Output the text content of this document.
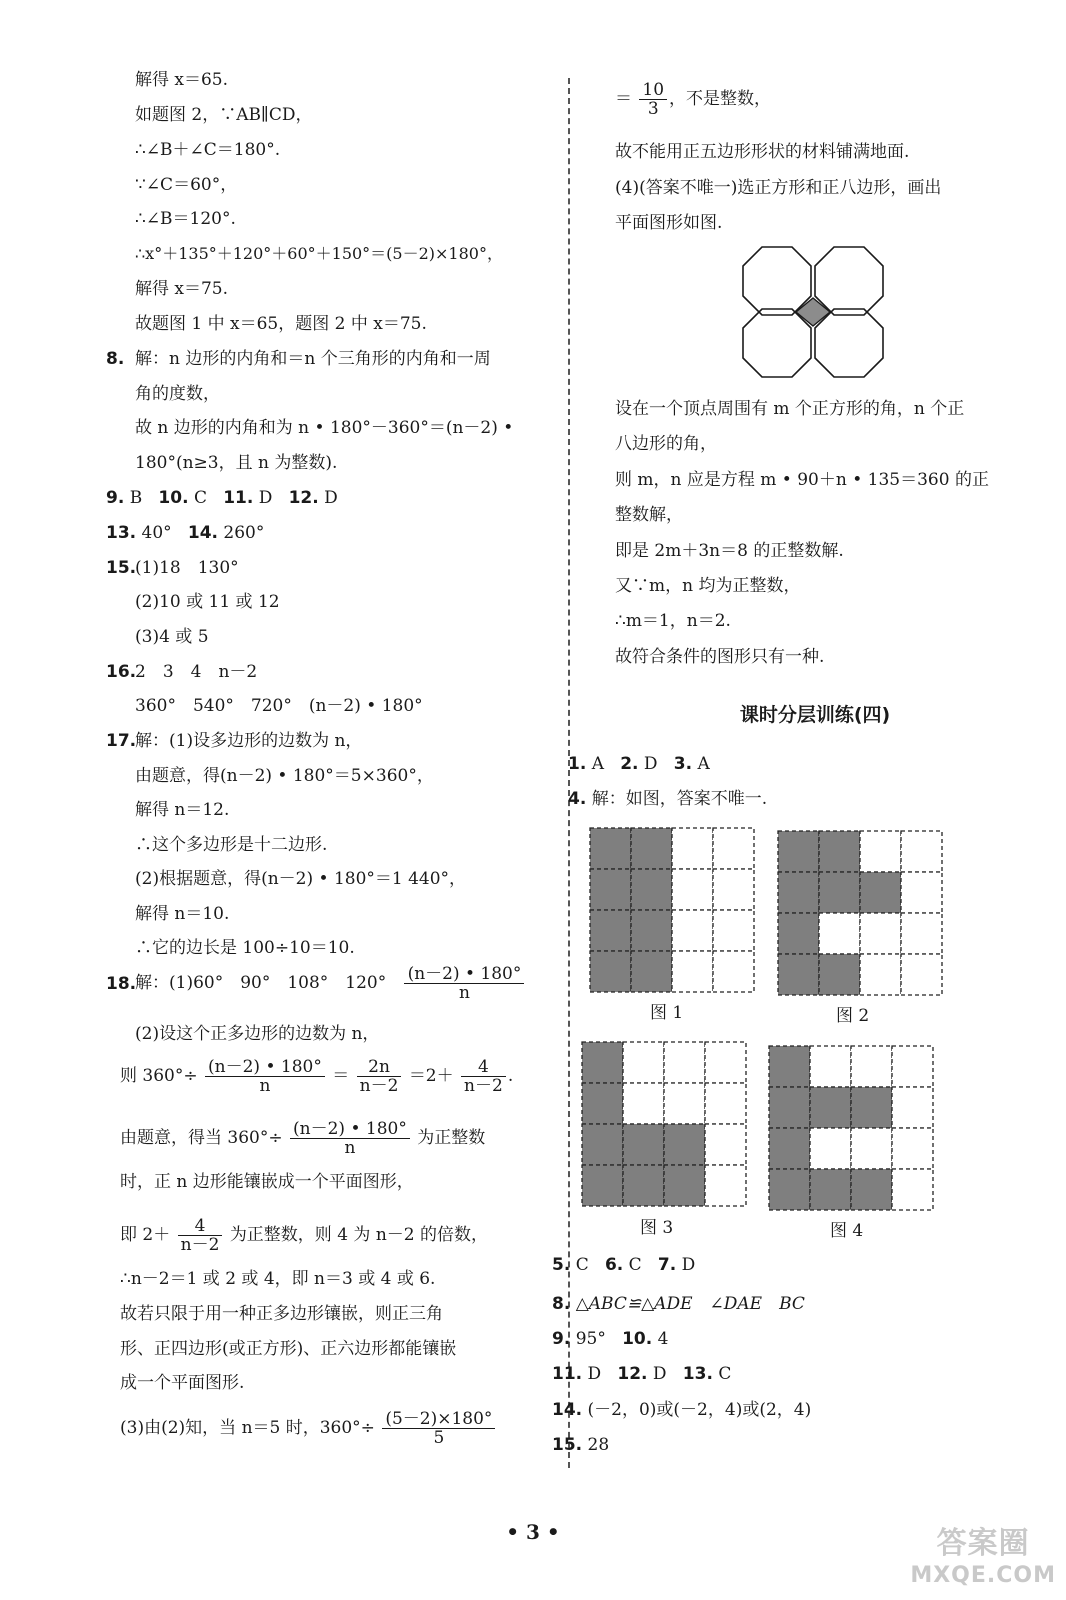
解得 x＝65.
如题图 2，∵AB∥CD，
∴∠B＋∠C＝180°.
∵∠C＝60°，
∴∠B＝120°.
∴x°＋135°＋120°＋60°＋150°＝(5－2)×180°，
解得 x＝75.
故题图 1 中 x＝65，题图 2 中 x＝75.
8. 解：n 边形的内角和＝n 个三角形的内角和一周
角的度数，
故 n 边形的内角和为 n • 180°－360°＝(n－2) •
180°(n≥3，且 n 为整数).
9. B 10. C 11. D 12. D
13. 40° 14. 260°
15.
(1)18　130°
(2)10 或 11 或 12
(3)4 或 5
16.
2　3　4　n－2
360°　540°　720°　(n－2) • 180°
17.
解：(1)设多边形的边数为 n，
由题意，得(n－2) • 180°＝5×360°，
解得 n＝12.
∴这个多边形是十二边形.
(2)根据题意，得(n－2) • 180°＝1 440°，
解得 n＝10.
∴它的边长是 100÷10＝10.
18.
解：(1)60°　90°　108°　$120^\circ \frac{(n-2) • 180^\circ}{n}$
(2)设这个正多边形的边数为 n，
则 $360^\circ\div \frac{(n-2) • 180^\circ}{n} = \frac{2n}{n-2} =2+ \frac{4}{n-2}$ .
由题意，得当 $360^\circ\div \frac{(n-2) • 180^\circ}{n}$ 为正整数
时，正 n 边形能镶嵌成一个平面图形，
即 $2+ \frac{4}{n-2}$ 为正整数，则 4 为 n－2 的倍数，
∴n－2＝1 或 2 或 4，即 n＝3 或 4 或 6.
故若只限于用一种正多边形镶嵌，则正三角
形、正四边形(或正方形)、正六边形都能镶嵌
成一个平面图形.
(3)由(2)知，当 n＝5 时，$360^\circ\div \frac{(5-2)\times 180^\circ}{5}$
＝ $\frac{10}{3}$ ，不是整数，
故不能用正五边形形状的材料铺满地面.
(4)(答案不唯一)选正方形和正八边形，画出
平面图形如图.
设在一个顶点周围有 m 个正方形的角，n 个正
八边形的角，
则 m，n 应是方程 m • 90＋n • 135＝360 的正
整数解，
即是 2m＋3n＝8 的正整数解.
又∵m，n 均为正整数，
∴m＝1，n＝2.
故符合条件的图形只有一种.
课时分层训练(四)
1. A 2. D 3. A
4. 解：如图，答案不唯一.
图 1	图 2
图 3	图 4
5. C 6. C 7. D
8. △ABC≌△ADE　∠DAE　BC
9. 95° 10. 4
11. D 12. D 13. C
14. (－2，0)或(－2，4)或(2，4)
15. 28
• 3 •	答案圈
MXQE.COM
